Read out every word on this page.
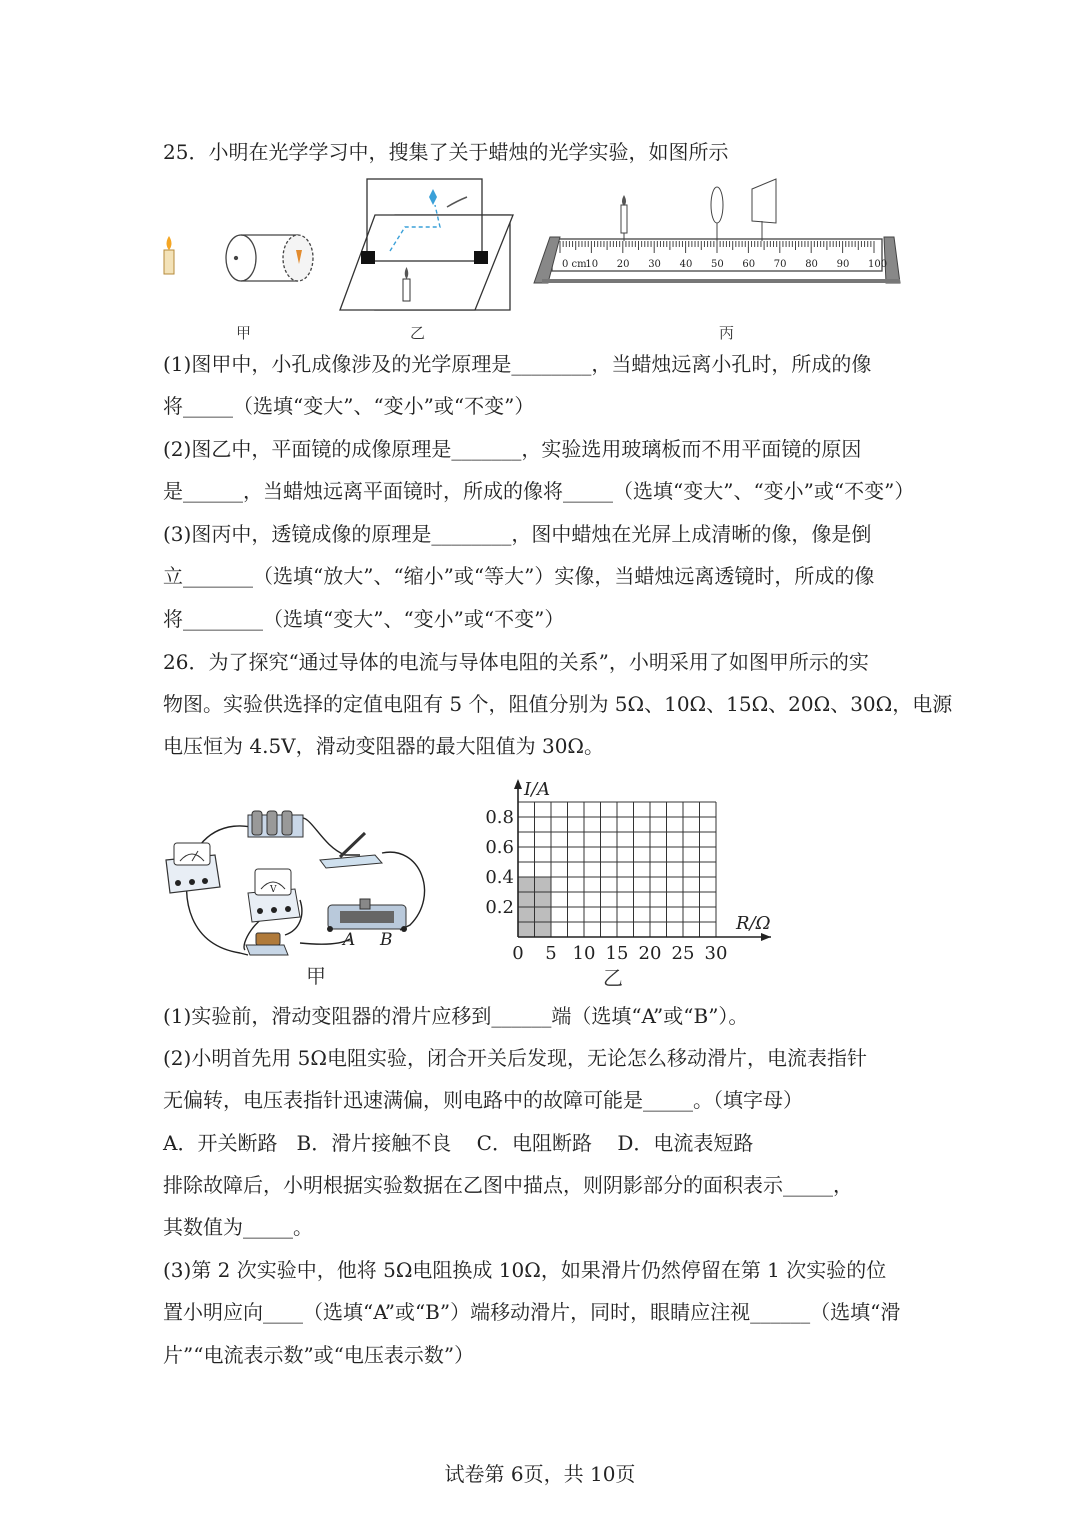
25．小明在光学学习中，搜集了关于蜡烛的光学实验，如图所示
甲	乙
0 cm
10 20 30 40 50 60 70 80 90 100
丙
(1)图甲中，小孔成像涉及的光学原理是________，当蜡烛远离小孔时，所成的像
将_____（选填“变大”、“变小”或“不变”）
(2)图乙中，平面镜的成像原理是_______，实验选用玻璃板而不用平面镜的原因
是______，当蜡烛远离平面镜时，所成的像将_____（选填“变大”、“变小”或“不变”）
(3)图丙中，透镜成像的原理是________，图中蜡烛在光屏上成清晰的像，像是倒
立_______（选填“放大”、“缩小”或“等大”）实像，当蜡烛远离透镜时，所成的像
将________（选填“变大”、“变小”或“不变”）
26．为了探究“通过导体的电流与导体电阻的关系”，小明采用了如图甲所示的实
物图。实验供选择的定值电阻有 5 个，阻值分别为 5Ω、10Ω、15Ω、20Ω、30Ω，电源
电压恒为 4.5V，滑动变阻器的最大阻值为 30Ω。
V
A B
甲
I/A
R/Ω
0 5 10 15 20 25 30
0.2
0.4
0.6
0.8
乙
(1)实验前，滑动变阻器的滑片应移到______端（选填“A”或“B”）。
(2)小明首先用 5Ω电阻实验，闭合开关后发现，无论怎么移动滑片，电流表指针
无偏转，电压表指针迅速满偏，则电路中的故障可能是_____。（填字母）
A．开关断路   B．滑片接触不良    C．电阻断路    D．电流表短路
排除故障后，小明根据实验数据在乙图中描点，则阴影部分的面积表示_____，
其数值为_____。
(3)第 2 次实验中，他将 5Ω电阻换成 10Ω，如果滑片仍然停留在第 1 次实验的位
置小明应向____（选填“A”或“B”）端移动滑片，同时，眼睛应注视______（选填“滑
片”“电流表示数”或“电压表示数”）
试卷第 6页，共 10页
